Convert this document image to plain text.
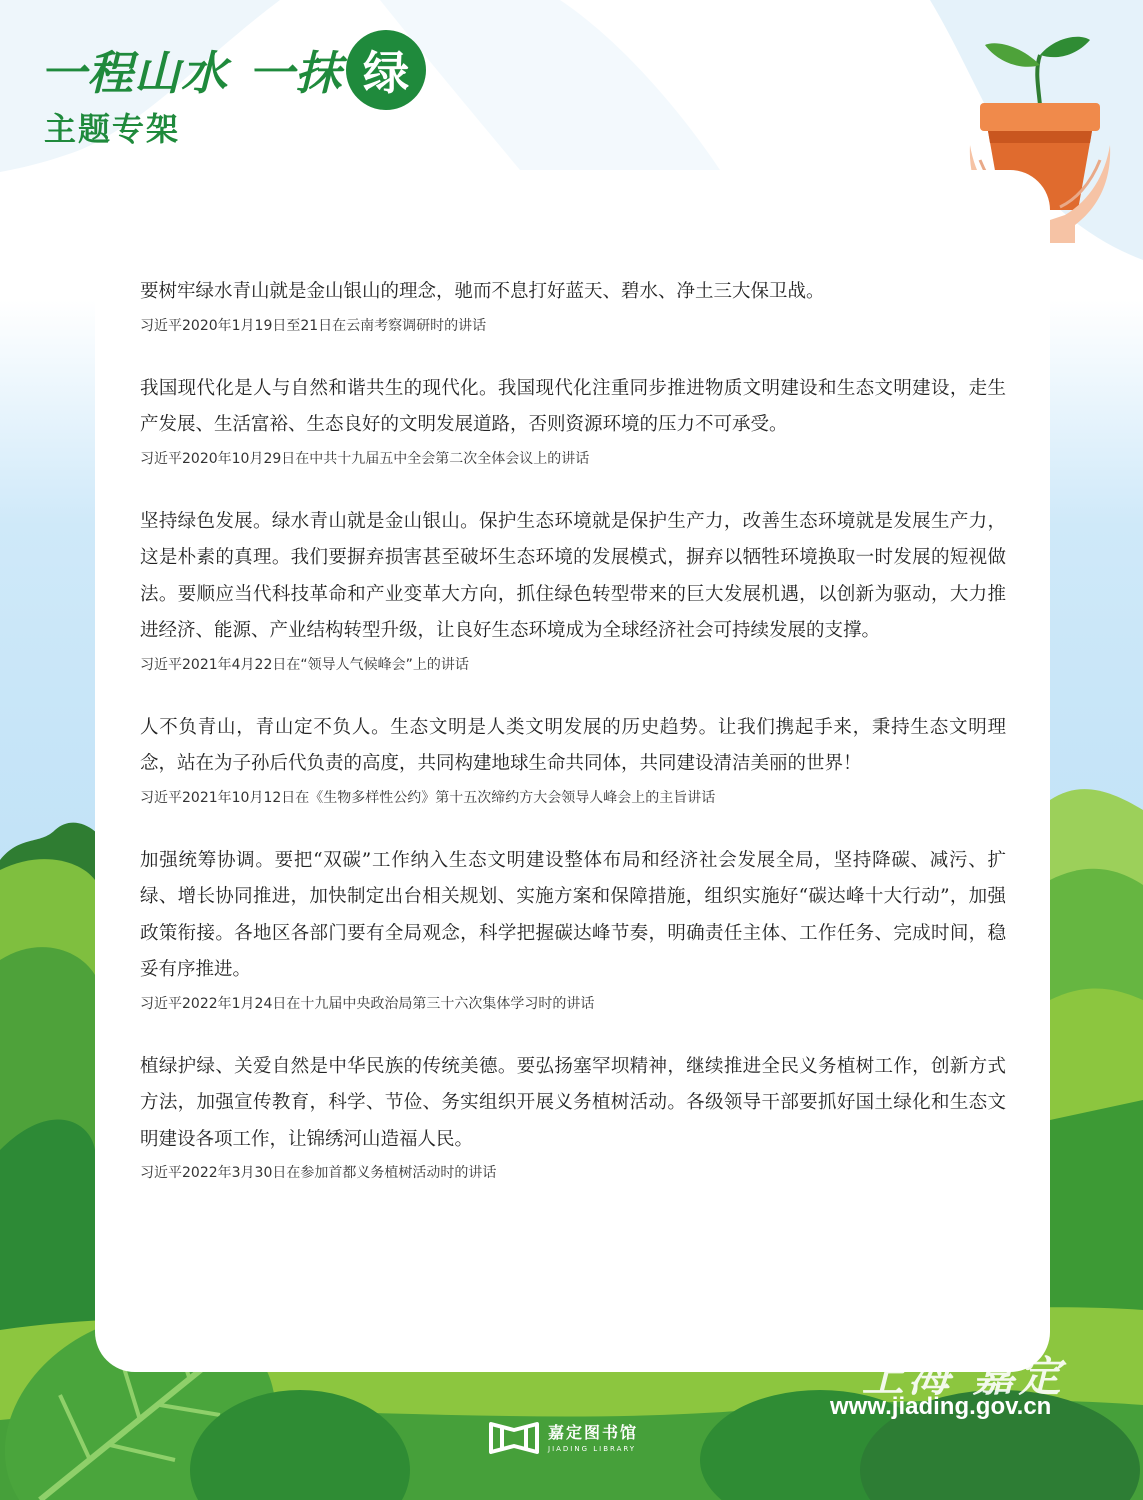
一程山水 一抹 绿
主题专架

要树牢绿水青山就是金山银山的理念，驰而不息打好蓝天、碧水、净土三大保卫战。

习近平2020年1月19日至21日在云南考察调研时的讲话

我国现代化是人与自然和谐共生的现代化。我国现代化注重同步推进物质文明建设和生态文明建设，走生产发展、生活富裕、生态良好的文明发展道路，否则资源环境的压力不可承受。

习近平2020年10月29日在中共十九届五中全会第二次全体会议上的讲话

坚持绿色发展。绿水青山就是金山银山。保护生态环境就是保护生产力，改善生态环境就是发展生产力，这是朴素的真理。我们要摒弃损害甚至破坏生态环境的发展模式，摒弃以牺牲环境换取一时发展的短视做法。要顺应当代科技革命和产业变革大方向，抓住绿色转型带来的巨大发展机遇，以创新为驱动，大力推进经济、能源、产业结构转型升级，让良好生态环境成为全球经济社会可持续发展的支撑。

习近平2021年4月22日在“领导人气候峰会”上的讲话

人不负青山，青山定不负人。生态文明是人类文明发展的历史趋势。让我们携起手来，秉持生态文明理念，站在为子孙后代负责的高度，共同构建地球生命共同体，共同建设清洁美丽的世界！

习近平2021年10月12日在《生物多样性公约》第十五次缔约方大会领导人峰会上的主旨讲话

加强统筹协调。要把“双碳”工作纳入生态文明建设整体布局和经济社会发展全局，坚持降碳、减污、扩绿、增长协同推进，加快制定出台相关规划、实施方案和保障措施，组织实施好“碳达峰十大行动”，加强政策衔接。各地区各部门要有全局观念，科学把握碳达峰节奏，明确责任主体、工作任务、完成时间，稳妥有序推进。

习近平2022年1月24日在十九届中央政治局第三十六次集体学习时的讲话

植绿护绿、关爱自然是中华民族的传统美德。要弘扬塞罕坝精神，继续推进全民义务植树工作，创新方式方法，加强宣传教育，科学、节俭、务实组织开展义务植树活动。各级领导干部要抓好国土绿化和生态文明建设各项工作，让锦绣河山造福人民。

习近平2022年3月30日在参加首都义务植树活动时的讲话

嘉定图书馆
JIADING LIBRARY
上海 嘉定
www.jiading.gov.cn
